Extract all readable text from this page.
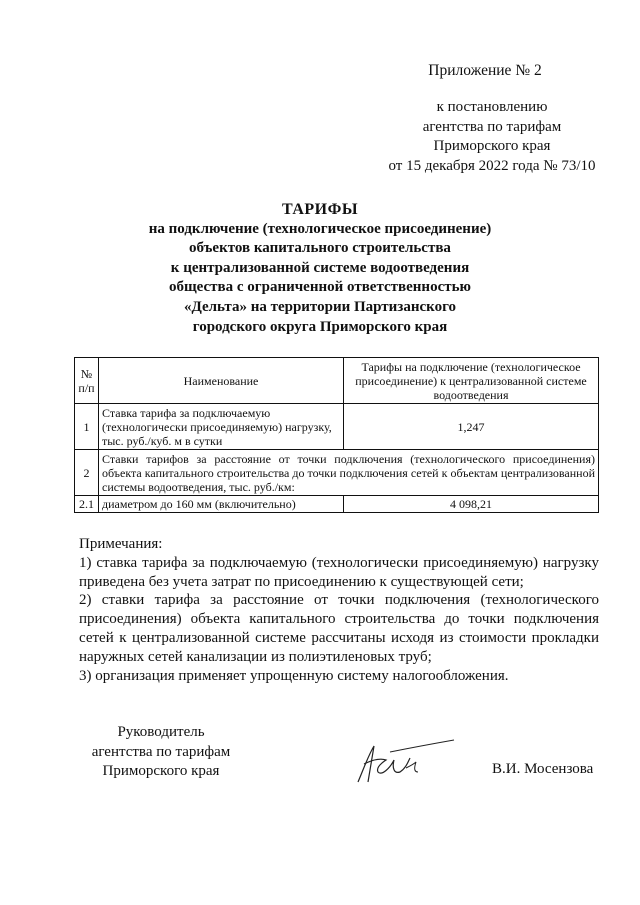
Приложение № 2
к постановлению
агентства по тарифам
Приморского края
от 15 декабря 2022 года № 73/10
ТАРИФЫ
на подключение (технологическое присоединение)
объектов капитального строительства
к централизованной системе водоотведения
общества с ограниченной ответственностью
«Дельта» на территории Партизанского
городского округа Приморского края
№ п/п	Наименование	Тарифы на подключение (технологическое присоединение) к централизованной системе водоотведения
1	Ставка тарифа за подключаемую (технологически присоединяемую) нагрузку, тыс. руб./куб. м в сутки	1,247
2	Ставки тарифов за расстояние от точки подключения (технологического присоединения) объекта капитального строительства до точки подключения сетей к объектам централизованной системы водоотведения, тыс. руб./км:	
2.1	диаметром до 160 мм (включительно)	4 098,21

Примечания:

1) ставка тарифа за подключаемую (технологически присоединяемую) нагрузку приведена без учета затрат по присоединению к существующей сети;

2) ставки тарифа за расстояние от точки подключения (технологического присоединения) объекта капитального строительства до точки подключения сетей к централизованной системе рассчитаны исходя из стоимости прокладки наружных сетей канализации из полиэтиленовых труб;

3) организация применяет упрощенную систему налогообложения.

Руководитель
агентства по тарифам
Приморского края	В.И. Мосензова
